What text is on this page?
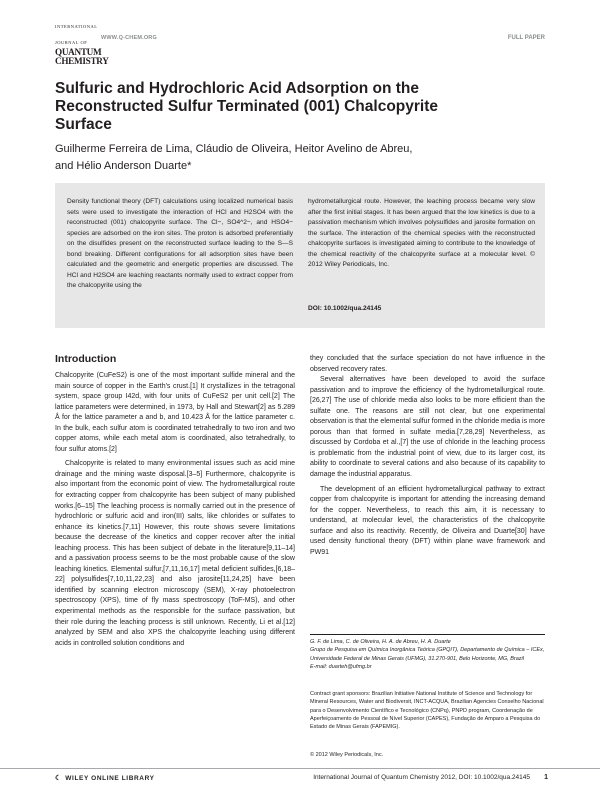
INTERNATIONAL JOURNAL OF
QUANTUM
CHEMISTRY
WWW.Q-CHEM.ORG	FULL PAPER
Sulfuric and Hydrochloric Acid Adsorption on the Reconstructed Sulfur Terminated (001) Chalcopyrite Surface
Guilherme Ferreira de Lima, Cláudio de Oliveira, Heitor Avelino de Abreu,
and Hélio Anderson Duarte*

Density functional theory (DFT) calculations using localized numerical basis sets were used to investigate the interaction of HCl and H2SO4 with the reconstructed (001) chalcopyrite surface. The Cl−, SO4^2−, and HSO4− species are adsorbed on the iron sites. The proton is adsorbed preferentially on the disulfides present on the reconstructed surface leading to the S—S bond breaking. Different configurations for all adsorption sites have been calculated and the geometric and energetic properties are discussed. The HCl and H2SO4 are leaching reactants normally used to extract copper from the chalcopyrite using the

hydrometallurgical route. However, the leaching process became very slow after the first initial stages. It has been argued that the low kinetics is due to a passivation mechanism which involves polysulfides and jarosite formation on the surface. The interaction of the chemical species with the reconstructed chalcopyrite surfaces is investigated aiming to contribute to the knowledge of the chemical reactivity of the chalcopyrite surface at a molecular level. © 2012 Wiley Periodicals, Inc.

DOI: 10.1002/qua.24145
Introduction

Chalcopyrite (CuFeS2) is one of the most important sulfide mineral and the main source of copper in the Earth's crust.[1] It crystallizes in the tetragonal system, space group I42d, with four units of CuFeS2 per unit cell.[2] The lattice parameters were determined, in 1973, by Hall and Stewart[2] as 5.289 Å for the lattice parameter a and b, and 10.423 Å for the lattice parameter c. In the bulk, each sulfur atom is coordinated tetrahedrally to two iron and two copper atoms, while each metal atom is coordinated, also tetrahedrally, to four sulfur atoms.[2]

Chalcopyrite is related to many environmental issues such as acid mine drainage and the mining waste disposal.[3–5] Furthermore, chalcopyrite is also important from the economic point of view. The hydrometallurgical route for extracting copper from chalcopyrite has been subject of many published works.[6–15] The leaching process is normally carried out in the presence of hydrochloric or sulfuric acid and iron(III) salts, like chlorides or sulfates to enhance its kinetics.[7,11] However, this route shows severe limitations because the decrease of the kinetics and copper recover after the initial leaching process. This has been subject of debate in the literature[9,11–14] and a passivation process seems to be the most probable cause of the slow leaching kinetics. Elemental sulfur,[7,11,16,17] metal deficient sulfides,[6,18–22] polysulfides[7,10,11,22,23] and also jarosite[11,24,25] have been identified by scanning electron microscopy (SEM), X-ray photoelectron spectroscopy (XPS), time of fly mass spectroscopy (ToF-MS), and other experimental methods as the responsible for the surface passivation, but their role during the leaching process is still unknown. Recently, Li et al.[12] analyzed by SEM and also XPS the chalcopyrite leaching using different acids in controlled solution conditions and

they concluded that the surface speciation do not have influence in the observed recovery rates.

Several alternatives have been developed to avoid the surface passivation and to improve the efficiency of the hydrometallurgical route.[26,27] The use of chloride media also looks to be more efficient than the sulfate one. The reasons are still not clear, but one experimental observation is that the elemental sulfur formed in the chloride media is more porous than that formed in sulfate media.[7,28,29] Nevertheless, as discussed by Cordoba et al.,[7] the use of chloride in the leaching process is problematic from the industrial point of view, due to its larger cost, its ability to coordinate to several cations and also because of its capability to damage the industrial apparatus.

The development of an efficient hydrometallurgical pathway to extract copper from chalcopyrite is important for attending the increasing demand for the copper. Nevertheless, to reach this aim, it is necessary to understand, at molecular level, the characteristics of the chalcopyrite surface and also its reactivity. Recently, de Oliveira and Duarte[30] have used density functional theory (DFT) within plane wave framework and PW91

G. F. de Lima, C. de Oliveira, H. A. de Abreu, H. A. Duarte
Grupo de Pesquisa em Química Inorgânica Teórica (GPQIT), Departamento de Química – ICEx, Universidade Federal de Minas Gerais (UFMG), 31.270-901, Belo Horizonte, MG, Brazil
E-mail: duarteh@ufmg.br
Contract grant sponsors: Brazilian Initiative National Institute of Science and Technology for Mineral Resources, Water and Biodiversit, INCT-ACQUA, Brazilian Agencies Conselho Nacional para o Desenvolvimento Científico e Tecnológico (CNPq), PNPD program, Coordenação de Aperfeiçoamento de Pessoal de Nível Superior (CAPES), Fundação de Amparo a Pesquisa do Estado de Minas Gerais (FAPEMIG).
© 2012 Wiley Periodicals, Inc.
☾ WILEY ONLINE LIBRARY	International Journal of Quantum Chemistry 2012, DOI: 10.1002/qua.24145 1
